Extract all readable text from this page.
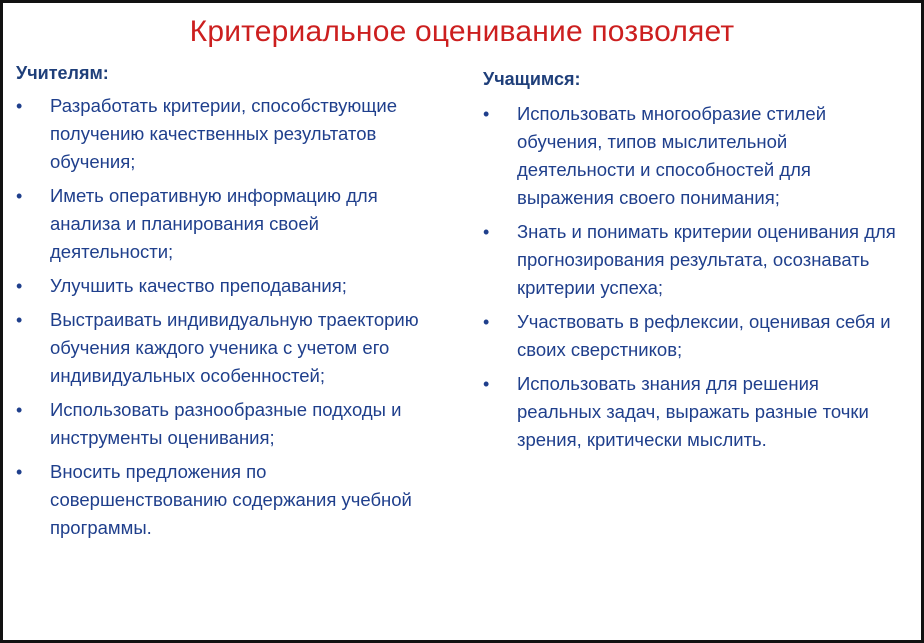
Критериальное оценивание позволяет
Учителям:
•	Разработать критерии, способствующие получению качественных результатов обучения;
•	Иметь оперативную информацию для анализа и планирования своей деятельности;
•	Улучшить качество преподавания;
•	Выстраивать индивидуальную траекторию обучения каждого ученика с учетом его индивидуальных особенностей;
•	Использовать разнообразные подходы и инструменты оценивания;
•	Вносить предложения по совершенствованию содержания учебной программы.
Учащимся:
•	Использовать многообразие стилей обучения, типов мыслительной деятельности и способностей для выражения своего понимания;
•	Знать и понимать критерии оценивания для прогнозирования результата, осознавать критерии успеха;
•	Участвовать в рефлексии, оценивая себя и своих сверстников;
•	Использовать знания для решения реальных задач, выражать разные точки зрения, критически мыслить.
